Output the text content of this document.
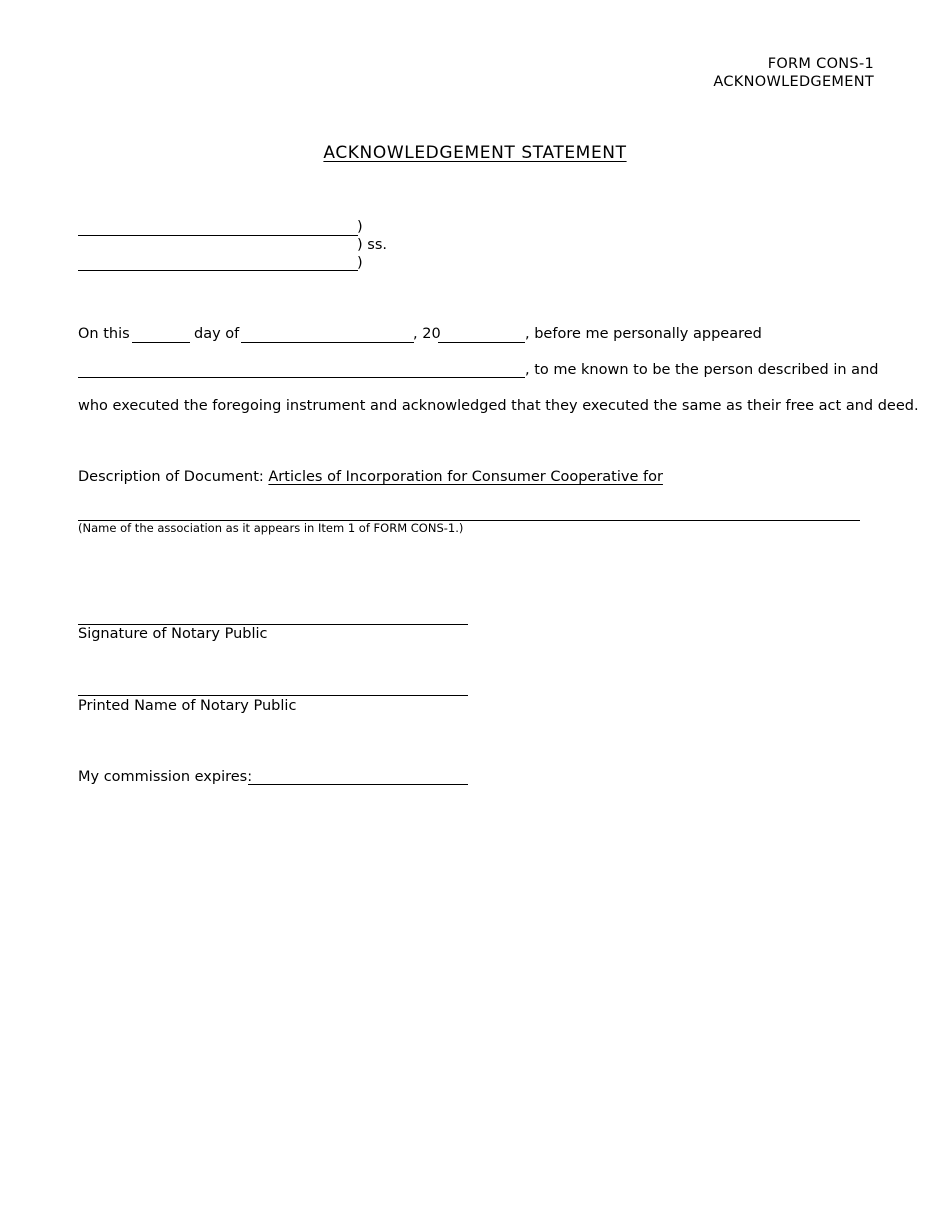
FORM CONS-1
ACKNOWLEDGEMENT
ACKNOWLEDGEMENT STATEMENT
)
) ss.
)
On this	day of	, 20	, before me personally appeared
, to me known to be the person described in and
who executed the foregoing instrument and acknowledged that they executed the same as their free act and deed.
Description of Document: Articles of Incorporation for Consumer Cooperative for
(Name of the association as it appears in Item 1 of FORM CONS-1.)
Signature of Notary Public
Printed Name of Notary Public
My commission expires:
